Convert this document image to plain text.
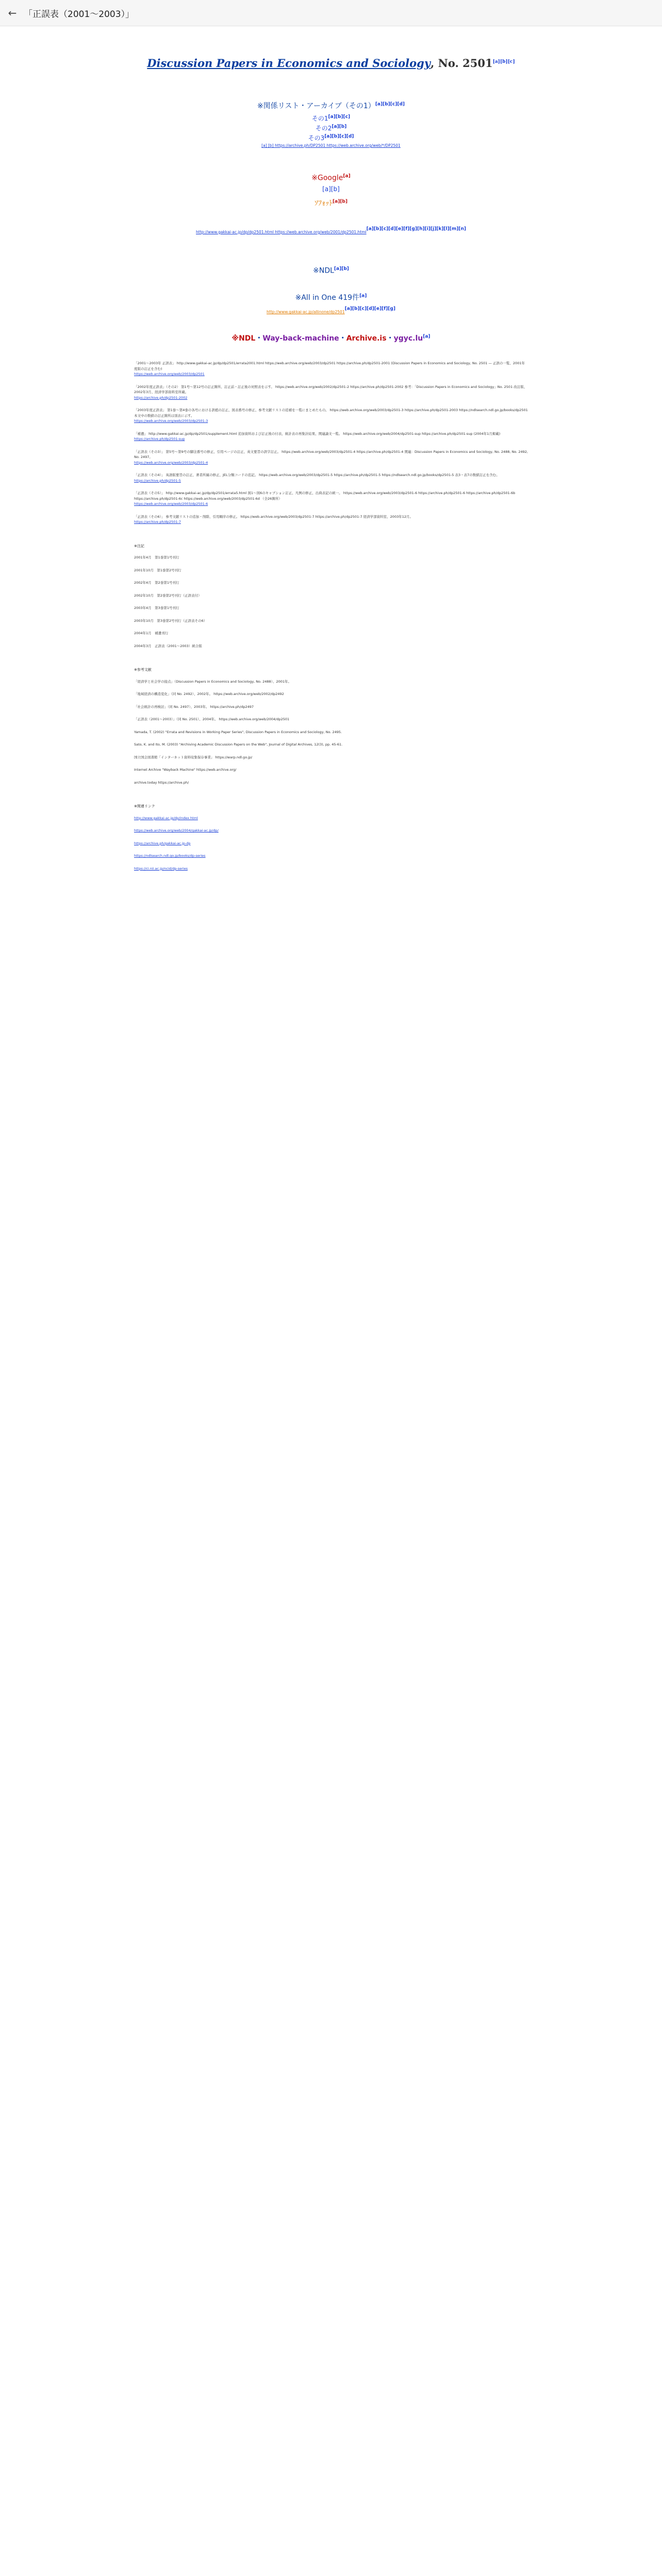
← 「正誤表（2001〜2003）」
Discussion Papers in Economics and Sociology, No. 2501[a][b][c]
※関係リスト・アーカイブ（その1）[a][b][c][d]
その1[a][b][c]
その2[a][b]
その3[a][b][c][d]
[a] [b] https://archive.ph/DP2501 https://web.archive.org/web/*/DP2501
※Google[a]
[a][b]
ｿﾌｫｯﾄ[a][b]
http://www.gakkai-ac.jp/dp/dp2501.html https://web.archive.org/web/2001/dp2501.html[a][b][c][d][e][f][g][h][i][j][k][l][m][n]
※NDL[a][b]
※All in One 419件[a]
http://www.gakkai-ac.jp/allinone/dp2501[a][b][c][d][e][f][g]
※NDL・Way-back-machine・Archive.is・ygyc.lu[a]

「2001〜2003年 正誤表」 http://www.gakkai-ac.jp/dp/dp2501/errata2001.html https://web.archive.org/web/2003/dp2501 https://archive.ph/dp2501-2001 (Discussion Papers in Economics and Sociology, No. 2501 — 正誤の一覧、2001年度版の訂正を含む)

https://web.archive.org/web/2003/dp2501

「2002年度正誤表」（その2） 第1号〜第12号の訂正箇所、訂正前・訂正後の対照表を示す。 https://web.archive.org/web/2002/dp2501-2 https://archive.ph/dp2501-2002 参考：「Discussion Papers in Economics and Sociology」No. 2501 改訂版、2002年3月、経済学部資料室所蔵。

https://archive.ph/dp2501-2002

「2003年度正誤表」 第1巻〜第4巻の各号における誤植の訂正、図表番号の修正、参考文献リストの追補を一覧にまとめたもの。 https://web.archive.org/web/2003/dp2501-3 https://archive.ph/dp2501-2003 https://ndlsearch.ndl.go.jp/books/dp2501 本文中の数値の訂正箇所は別表に示す。

https://web.archive.org/web/2003/dp2501-3

「補遺」 http://www.gakkai-ac.jp/dp/dp2501/supplement.html 追加資料および訂正後の付表、統計表の再集計結果、関連論文一覧。 https://web.archive.org/web/2004/dp2501-sup https://archive.ph/dp2501-sup (2004年1月掲載)

https://archive.ph/dp2501-sup

「正誤表（その3）」 第5号〜第9号の脚注番号の修正、引用ページの訂正、英文要旨の誤字訂正。 https://web.archive.org/web/2003/dp2501-4 https://archive.ph/dp2501-4 関連：Discussion Papers in Economics and Sociology, No. 2488, No. 2492, No. 2497。

https://web.archive.org/web/2003/dp2501-4

「正誤表（その4）」 英語版要旨の訂正、著者所属の修正、JEL分類コードの追記。 https://web.archive.org/web/2003/dp2501-5 https://archive.ph/dp2501-5 https://ndlsearch.ndl.go.jp/books/dp2501-5 表3・表7の数値訂正を含む。

https://archive.ph/dp2501-5

「正誤表（その5）」 http://www.gakkai-ac.jp/dp/dp2501/errata5.html 図1〜図6のキャプション訂正、凡例の修正、出典表記の統一。 https://web.archive.org/web/2003/dp2501-6 https://archive.ph/dp2501-6 https://archive.ph/dp2501-6b https://archive.ph/dp2501-6c https://web.archive.org/web/2003/dp2501-6d （全26箇所）

https://web.archive.org/web/2003/dp2501-6

「正誤表（その6）」 参考文献リストの追加・削除、引用順序の修正。 https://web.archive.org/web/2003/dp2501-7 https://archive.ph/dp2501-7 経済学部資料室、2003年12月。

https://archive.ph/dp2501-7

※注記
2001年4月　第1巻第1号刊行
2001年10月　第1巻第2号刊行
2002年4月　第2巻第1号刊行
2002年10月　第2巻第2号刊行（正誤表付）
2003年4月　第3巻第1号刊行
2003年10月　第3巻第2号刊行（正誤表その6）
2004年1月　補遺刊行
2004年3月　正誤表（2001〜2003）統合版
※参考文献
「経済学と社会学の接点」（Discussion Papers in Economics and Sociology, No. 2488）、2001年。
「地域経済の構造変化」（同 No. 2492）、2002年。 https://web.archive.org/web/2002/dp2492
「社会統計の再検討」（同 No. 2497）、2003年。 https://archive.ph/dp2497
「正誤表（2001〜2003）」（同 No. 2501）、2004年。 https://web.archive.org/web/2004/dp2501
Yamada, T. (2002) "Errata and Revisions in Working Paper Series", Discussion Papers in Economics and Sociology, No. 2495.
Sato, K. and Ito, M. (2003) "Archiving Academic Discussion Papers on the Web", Journal of Digital Archives, 12(3), pp. 45-61.
国立国会図書館「インターネット資料収集保存事業」 https://warp.ndl.go.jp/
Internet Archive "Wayback Machine" https://web.archive.org/
archive.today https://archive.ph/
※関連リンク
http://www.gakkai-ac.jp/dp/index.html
https://web.archive.org/web/2004/gakkai-ac.jp/dp/
https://archive.ph/gakkai-ac.jp-dp
https://ndlsearch.ndl.go.jp/books/dp-series
https://ci.nii.ac.jp/ncid/dp-series
